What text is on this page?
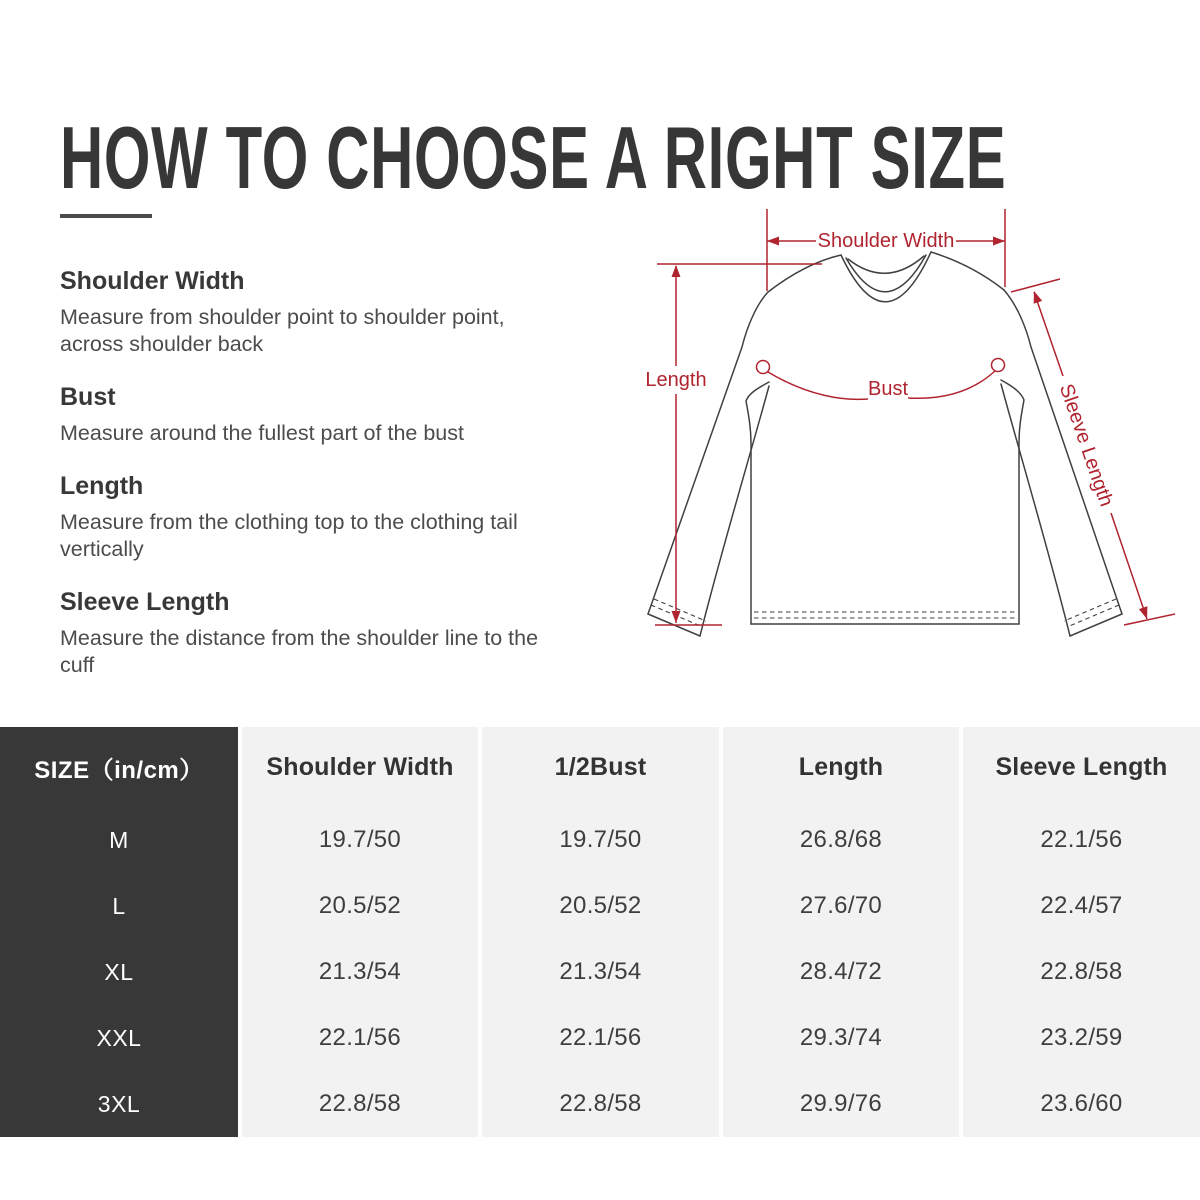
HOW TO CHOOSE A RIGHT SIZE
Shoulder Width
Measure from shoulder point to shoulder point,
across shoulder back
Bust
Measure around the fullest part of the bust
Length
Measure from the clothing top to the clothing tail
vertically
Sleeve Length
Measure the distance from the shoulder line to the cuff
Shoulder Width
Length	Bust	Sleeve Length
SIZE（in/cm）	Shoulder Width	1/2Bust	Length	Sleeve Length
M	19.7/50	19.7/50	26.8/68	22.1/56
L	20.5/52	20.5/52	27.6/70	22.4/57
XL	21.3/54	21.3/54	28.4/72	22.8/58
XXL	22.1/56	22.1/56	29.3/74	23.2/59
3XL	22.8/58	22.8/58	29.9/76	23.6/60
